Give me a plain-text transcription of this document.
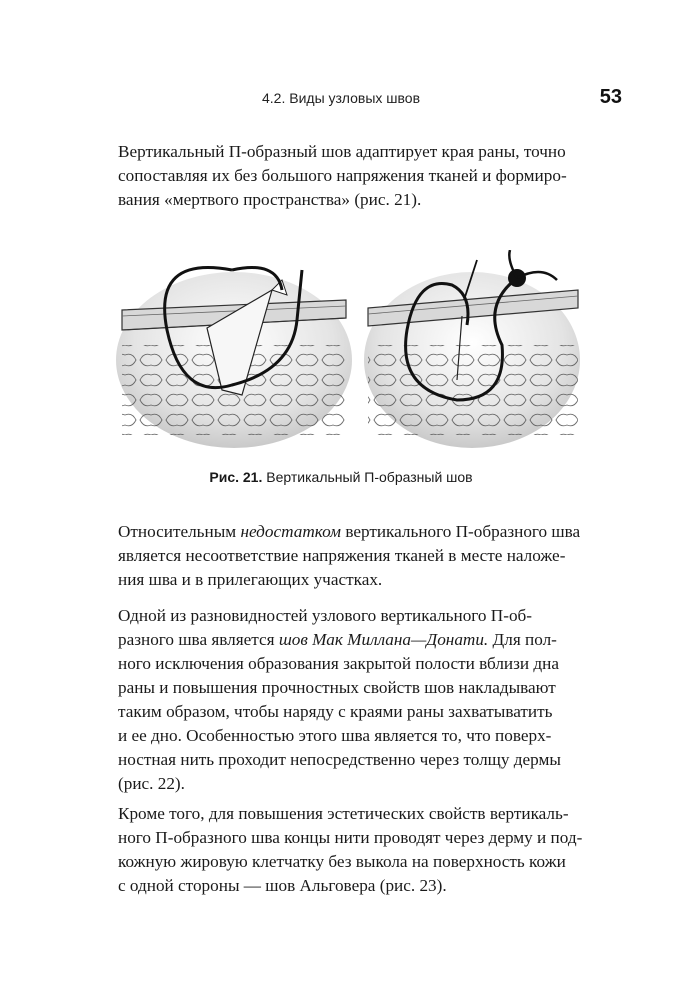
4.2. Виды узловых швов	53

Вертикальный П-образный шов адаптирует края раны, точно
сопоставляя их без большого напряжения тканей и формиро-
вания «мертвого пространства» (рис. 21).

Рис. 21. Вертикальный П-образный шов

Относительным недостатком вертикального П-образного шва
является несоответствие напряжения тканей в месте наложе-
ния шва и в прилегающих участках.

Одной из разновидностей узлового вертикального П-об-
разного шва является шов Мак Миллана—Донати. Для пол-
ного исключения образования закрытой полости вблизи дна
раны и повышения прочностных свойств шов накладывают
таким образом, чтобы наряду с краями раны захватыватить
и ее дно. Особенностью этого шва является то, что поверх-
ностная нить проходит непосредственно через толщу дермы
(рис. 22).

Кроме того, для повышения эстетических свойств вертикаль-
ного П-образного шва концы нити проводят через дерму и под-
кожную жировую клетчатку без выкола на поверхность кожи
с одной стороны — шов Альговера (рис. 23).
